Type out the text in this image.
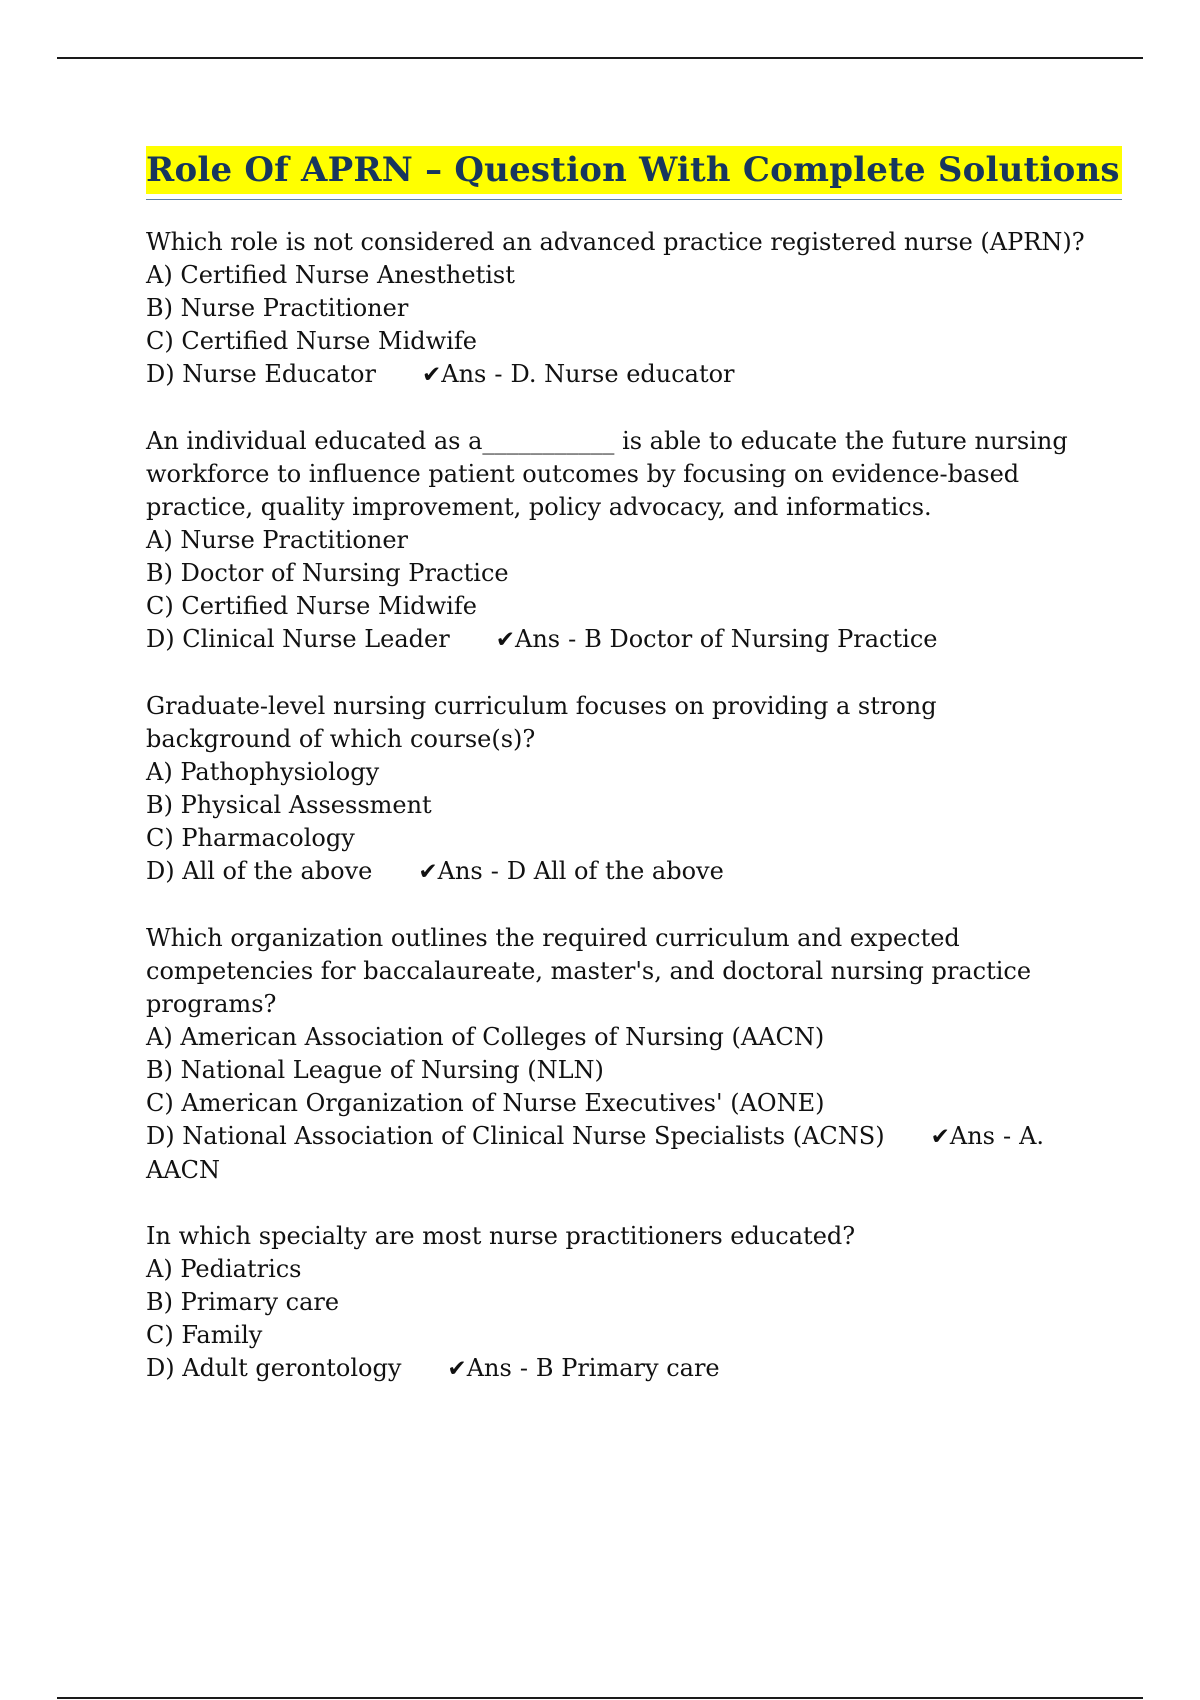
Role Of APRN – Question With Complete Solutions

Which role is not considered an advanced practice registered nurse (APRN)?

A) Certified Nurse Anesthetist

B) Nurse Practitioner

C) Certified Nurse Midwife

D) Nurse Educator ✔Ans - D. Nurse educator

An individual educated as a___________ is able to educate the future nursing workforce to influence patient outcomes by focusing on evidence-based practice, quality improvement, policy advocacy, and informatics.

A) Nurse Practitioner

B) Doctor of Nursing Practice

C) Certified Nurse Midwife

D) Clinical Nurse Leader ✔Ans - B Doctor of Nursing Practice

Graduate-level nursing curriculum focuses on providing a strong background of which course(s)?

A) Pathophysiology

B) Physical Assessment

C) Pharmacology

D) All of the above ✔Ans - D All of the above

Which organization outlines the required curriculum and expected competencies for baccalaureate, master's, and doctoral nursing practice programs?

A) American Association of Colleges of Nursing (AACN)

B) National League of Nursing (NLN)

C) American Organization of Nurse Executives' (AONE)

D) National Association of Clinical Nurse Specialists (ACNS) ✔Ans - A. AACN

In which specialty are most nurse practitioners educated?

A) Pediatrics

B) Primary care

C) Family

D) Adult gerontology ✔Ans - B Primary care
